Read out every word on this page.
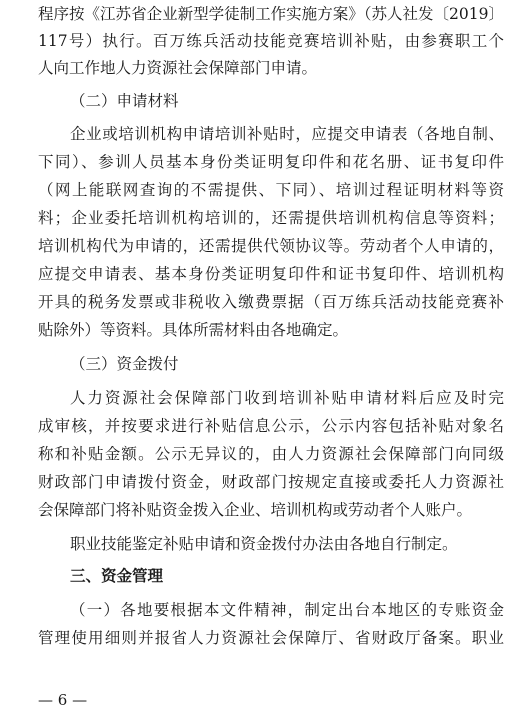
程序按《江苏省企业新型学徒制工作实施方案》（苏人社发〔2019〕
117号）执行。百万练兵活动技能竞赛培训补贴，由参赛职工个
人向工作地人力资源社会保障部门申请。
（二）申请材料
企业或培训机构申请培训补贴时，应提交申请表（各地自制、
下同）、参训人员基本身份类证明复印件和花名册、证书复印件
（网上能联网查询的不需提供、下同）、培训过程证明材料等资
料；企业委托培训机构培训的，还需提供培训机构信息等资料；
培训机构代为申请的，还需提供代领协议等。劳动者个人申请的，
应提交申请表、基本身份类证明复印件和证书复印件、培训机构
开具的税务发票或非税收入缴费票据（百万练兵活动技能竞赛补
贴除外）等资料。具体所需材料由各地确定。
（三）资金拨付
人力资源社会保障部门收到培训补贴申请材料后应及时完
成审核，并按要求进行补贴信息公示，公示内容包括补贴对象名
称和补贴金额。公示无异议的，由人力资源社会保障部门向同级
财政部门申请拨付资金，财政部门按规定直接或委托人力资源社
会保障部门将补贴资金拨入企业、培训机构或劳动者个人账户。
职业技能鉴定补贴申请和资金拨付办法由各地自行制定。
三、资金管理
（一）各地要根据本文件精神，制定出台本地区的专账资金
管理使用细则并报省人力资源社会保障厅、省财政厅备案。职业
— 6 —
